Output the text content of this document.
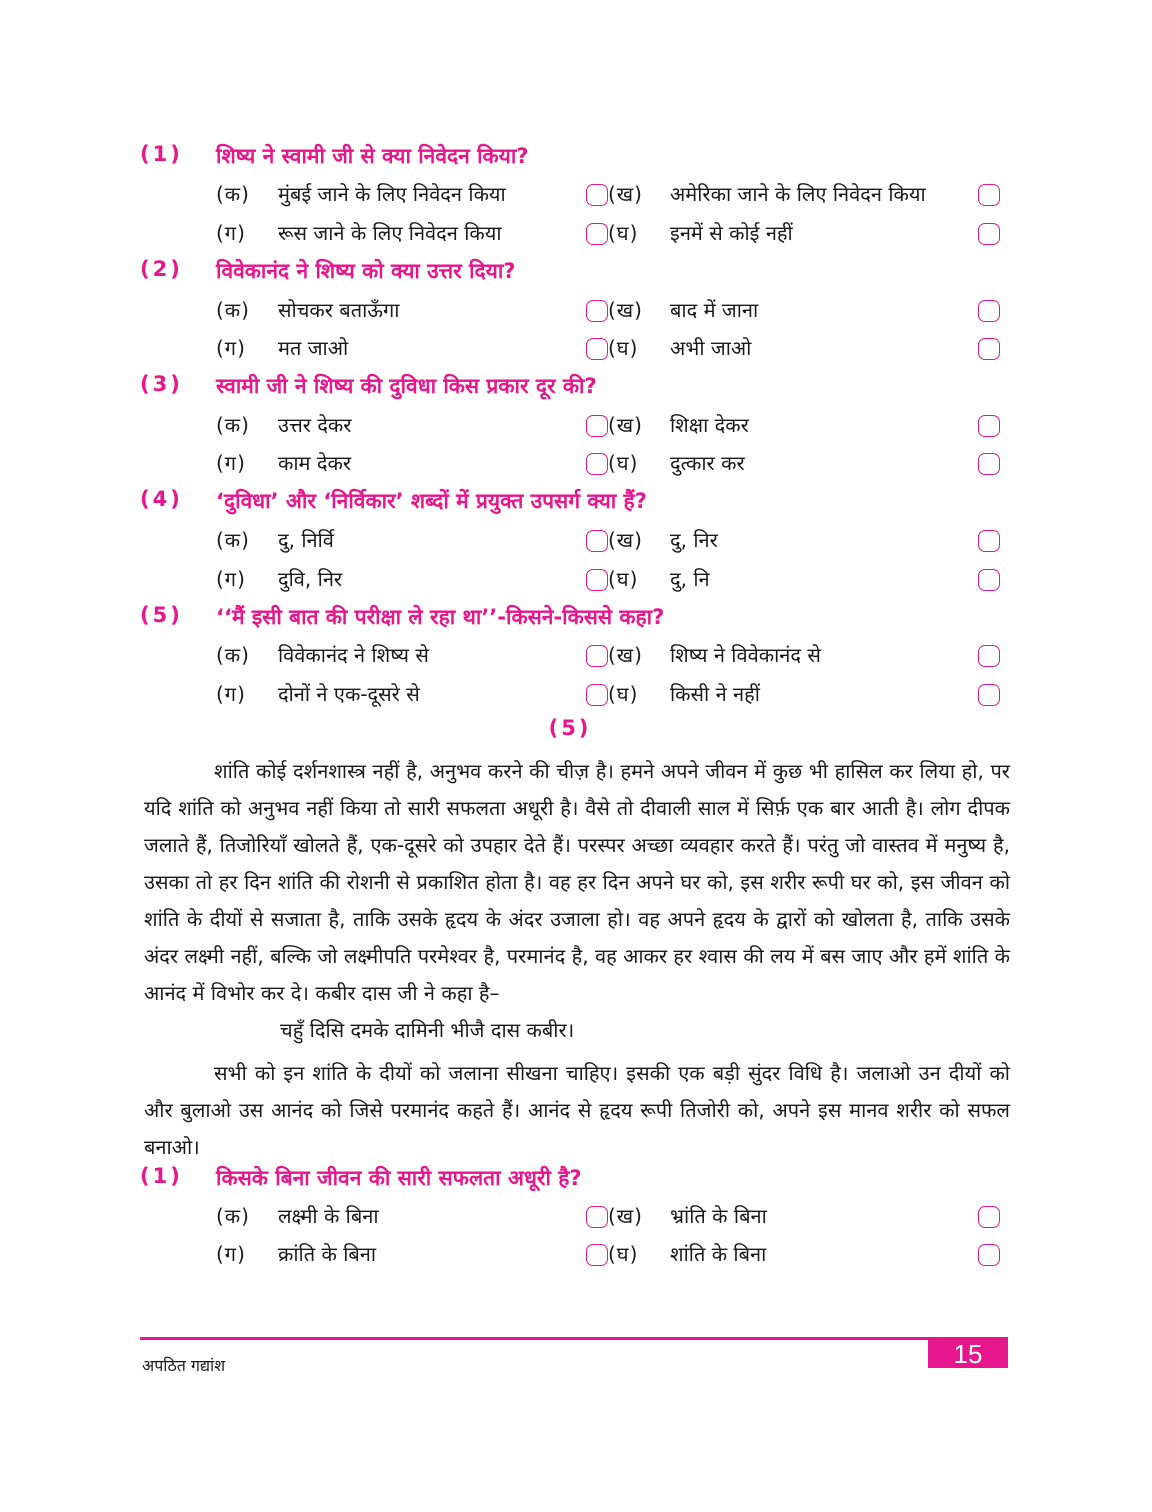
(1) शिष्य ने स्वामी जी से क्या निवेदन किया?
(क) मुंबई जाने के लिए निवेदन किया	(ख) अमेरिका जाने के लिए निवेदन किया
(ग) रूस जाने के लिए निवेदन किया	(घ) इनमें से कोई नहीं
(2) विवेकानंद ने शिष्य को क्या उत्तर दिया?
(क) सोचकर बताऊँगा	(ख) बाद में जाना
(ग) मत जाओ	(घ) अभी जाओ
(3) स्वामी जी ने शिष्य की दुविधा किस प्रकार दूर की?
(क) उत्तर देकर	(ख) शिक्षा देकर
(ग) काम देकर	(घ) दुत्कार कर
(4) ‘दुविधा’ और ‘निर्विकार’ शब्दों में प्रयुक्त उपसर्ग क्या हैं?
(क) दु, निर्वि	(ख) दु, निर
(ग) दुवि, निर	(घ) दु, नि
(5) ‘‘मैं इसी बात की परीक्षा ले रहा था’’-किसने-किससे कहा?
(क) विवेकानंद ने शिष्य से	(ख) शिष्य ने विवेकानंद से
(ग) दोनों ने एक-दूसरे से	(घ) किसी ने नहीं
(5)

शांति कोई दर्शनशास्त्र नहीं है, अनुभव करने की चीज़ है। हमने अपने जीवन में कुछ भी हासिल कर लिया हो, पर यदि शांति को अनुभव नहीं किया तो सारी सफलता अधूरी है। वैसे तो दीवाली साल में सिर्फ़ एक बार आती है। लोग दीपक जलाते हैं, तिजोरियाँ खोलते हैं, एक-दूसरे को उपहार देते हैं। परस्पर अच्छा व्यवहार करते हैं। परंतु जो वास्तव में मनुष्य है, उसका तो हर दिन शांति की रोशनी से प्रकाशित होता है। वह हर दिन अपने घर को, इस शरीर रूपी घर को, इस जीवन को शांति के दीयों से सजाता है, ताकि उसके हृदय के अंदर उजाला हो। वह अपने हृदय के द्वारों को खोलता है, ताकि उसके अंदर लक्ष्मी नहीं, बल्कि जो लक्ष्मीपति परमेश्वर है, परमानंद है, वह आकर हर श्वास की लय में बस जाए और हमें शांति के आनंद में विभोर कर दे। कबीर दास जी ने कहा है–

चहुँ दिसि दमके दामिनी भीजै दास कबीर।

सभी को इन शांति के दीयों को जलाना सीखना चाहिए। इसकी एक बड़ी सुंदर विधि है। जलाओ उन दीयों को और बुलाओ उस आनंद को जिसे परमानंद कहते हैं। आनंद से हृदय रूपी तिजोरी को, अपने इस मानव शरीर को सफल बनाओ।

(1) किसके बिना जीवन की सारी सफलता अधूरी है?
(क) लक्ष्मी के बिना	(ख) भ्रांति के बिना
(ग) क्रांति के बिना	(घ) शांति के बिना
अपठित गद्यांश	15
